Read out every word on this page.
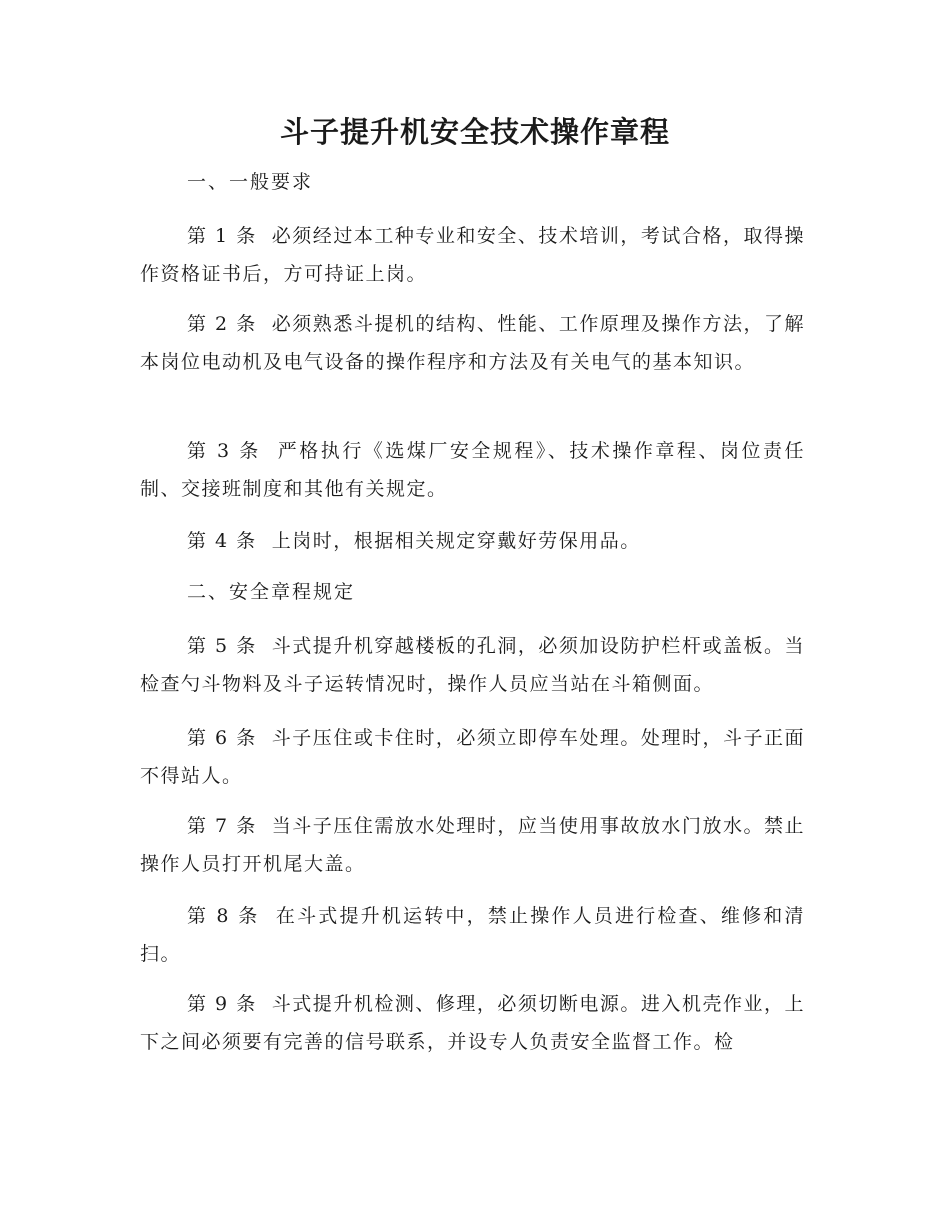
斗子提升机安全技术操作章程
一、一般要求

第 1 条 必须经过本工种专业和安全、技术培训，考试合格，取得操作资格证书后，方可持证上岗。

第 2 条 必须熟悉斗提机的结构、性能、工作原理及操作方法，了解本岗位电动机及电气设备的操作程序和方法及有关电气的基本知识。

第 3 条 严格执行《选煤厂安全规程》、技术操作章程、岗位责任制、交接班制度和其他有关规定。

第 4 条 上岗时，根据相关规定穿戴好劳保用品。

二、安全章程规定

第 5 条 斗式提升机穿越楼板的孔洞，必须加设防护栏杆或盖板。当检查勺斗物料及斗子运转情况时，操作人员应当站在斗箱侧面。

第 6 条 斗子压住或卡住时，必须立即停车处理。处理时，斗子正面不得站人。

第 7 条 当斗子压住需放水处理时，应当使用事故放水门放水。禁止操作人员打开机尾大盖。

第 8 条 在斗式提升机运转中，禁止操作人员进行检查、维修和清扫。

第 9 条 斗式提升机检测、修理，必须切断电源。进入机壳作业，上下之间必须要有完善的信号联系，并设专人负责安全监督工作。检
